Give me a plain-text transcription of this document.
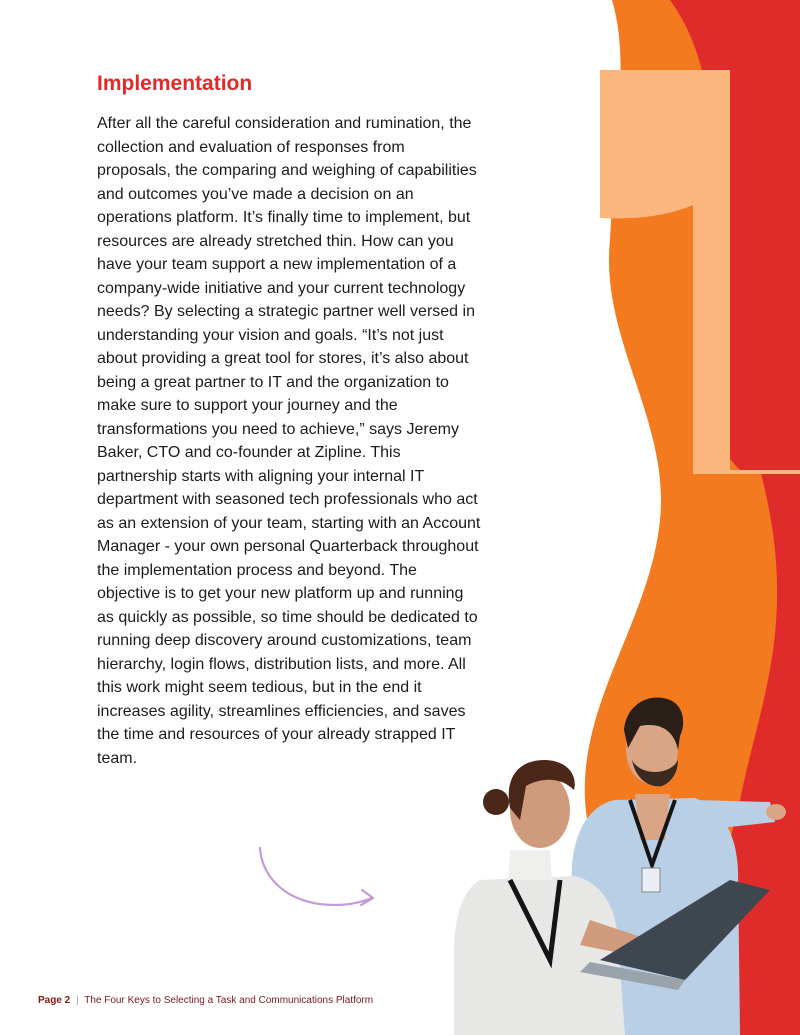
Implementation

After all the careful consideration and rumination, the collection and evaluation of responses from proposals, the comparing and weighing of capabilities and outcomes you’ve made a decision on an operations platform. It’s finally time to implement, but resources are already stretched thin. How can you have your team support a new implementation of a company-wide initiative and your current technology needs? By selecting a strategic partner well versed in understanding your vision and goals. “It’s not just about providing a great tool for stores, it’s also about being a great partner to IT and the organization to make sure to support your journey and the transformations you need to achieve,” says Jeremy Baker, CTO and co-founder at Zipline. This partnership starts with aligning your internal IT department with seasoned tech professionals who act as an extension of your team, starting with an Account Manager - your own personal Quarterback throughout the implementation process and beyond. The objective is to get your new platform up and running as quickly as possible, so time should be dedicated to running deep discovery around customizations, team hierarchy, login flows, distribution lists, and more. All this work might seem tedious, but in the end it increases agility, streamlines efficiencies, and saves the time and resources of your already strapped IT team.

Page 2 | The Four Keys to Selecting a Task and Communications Platform
